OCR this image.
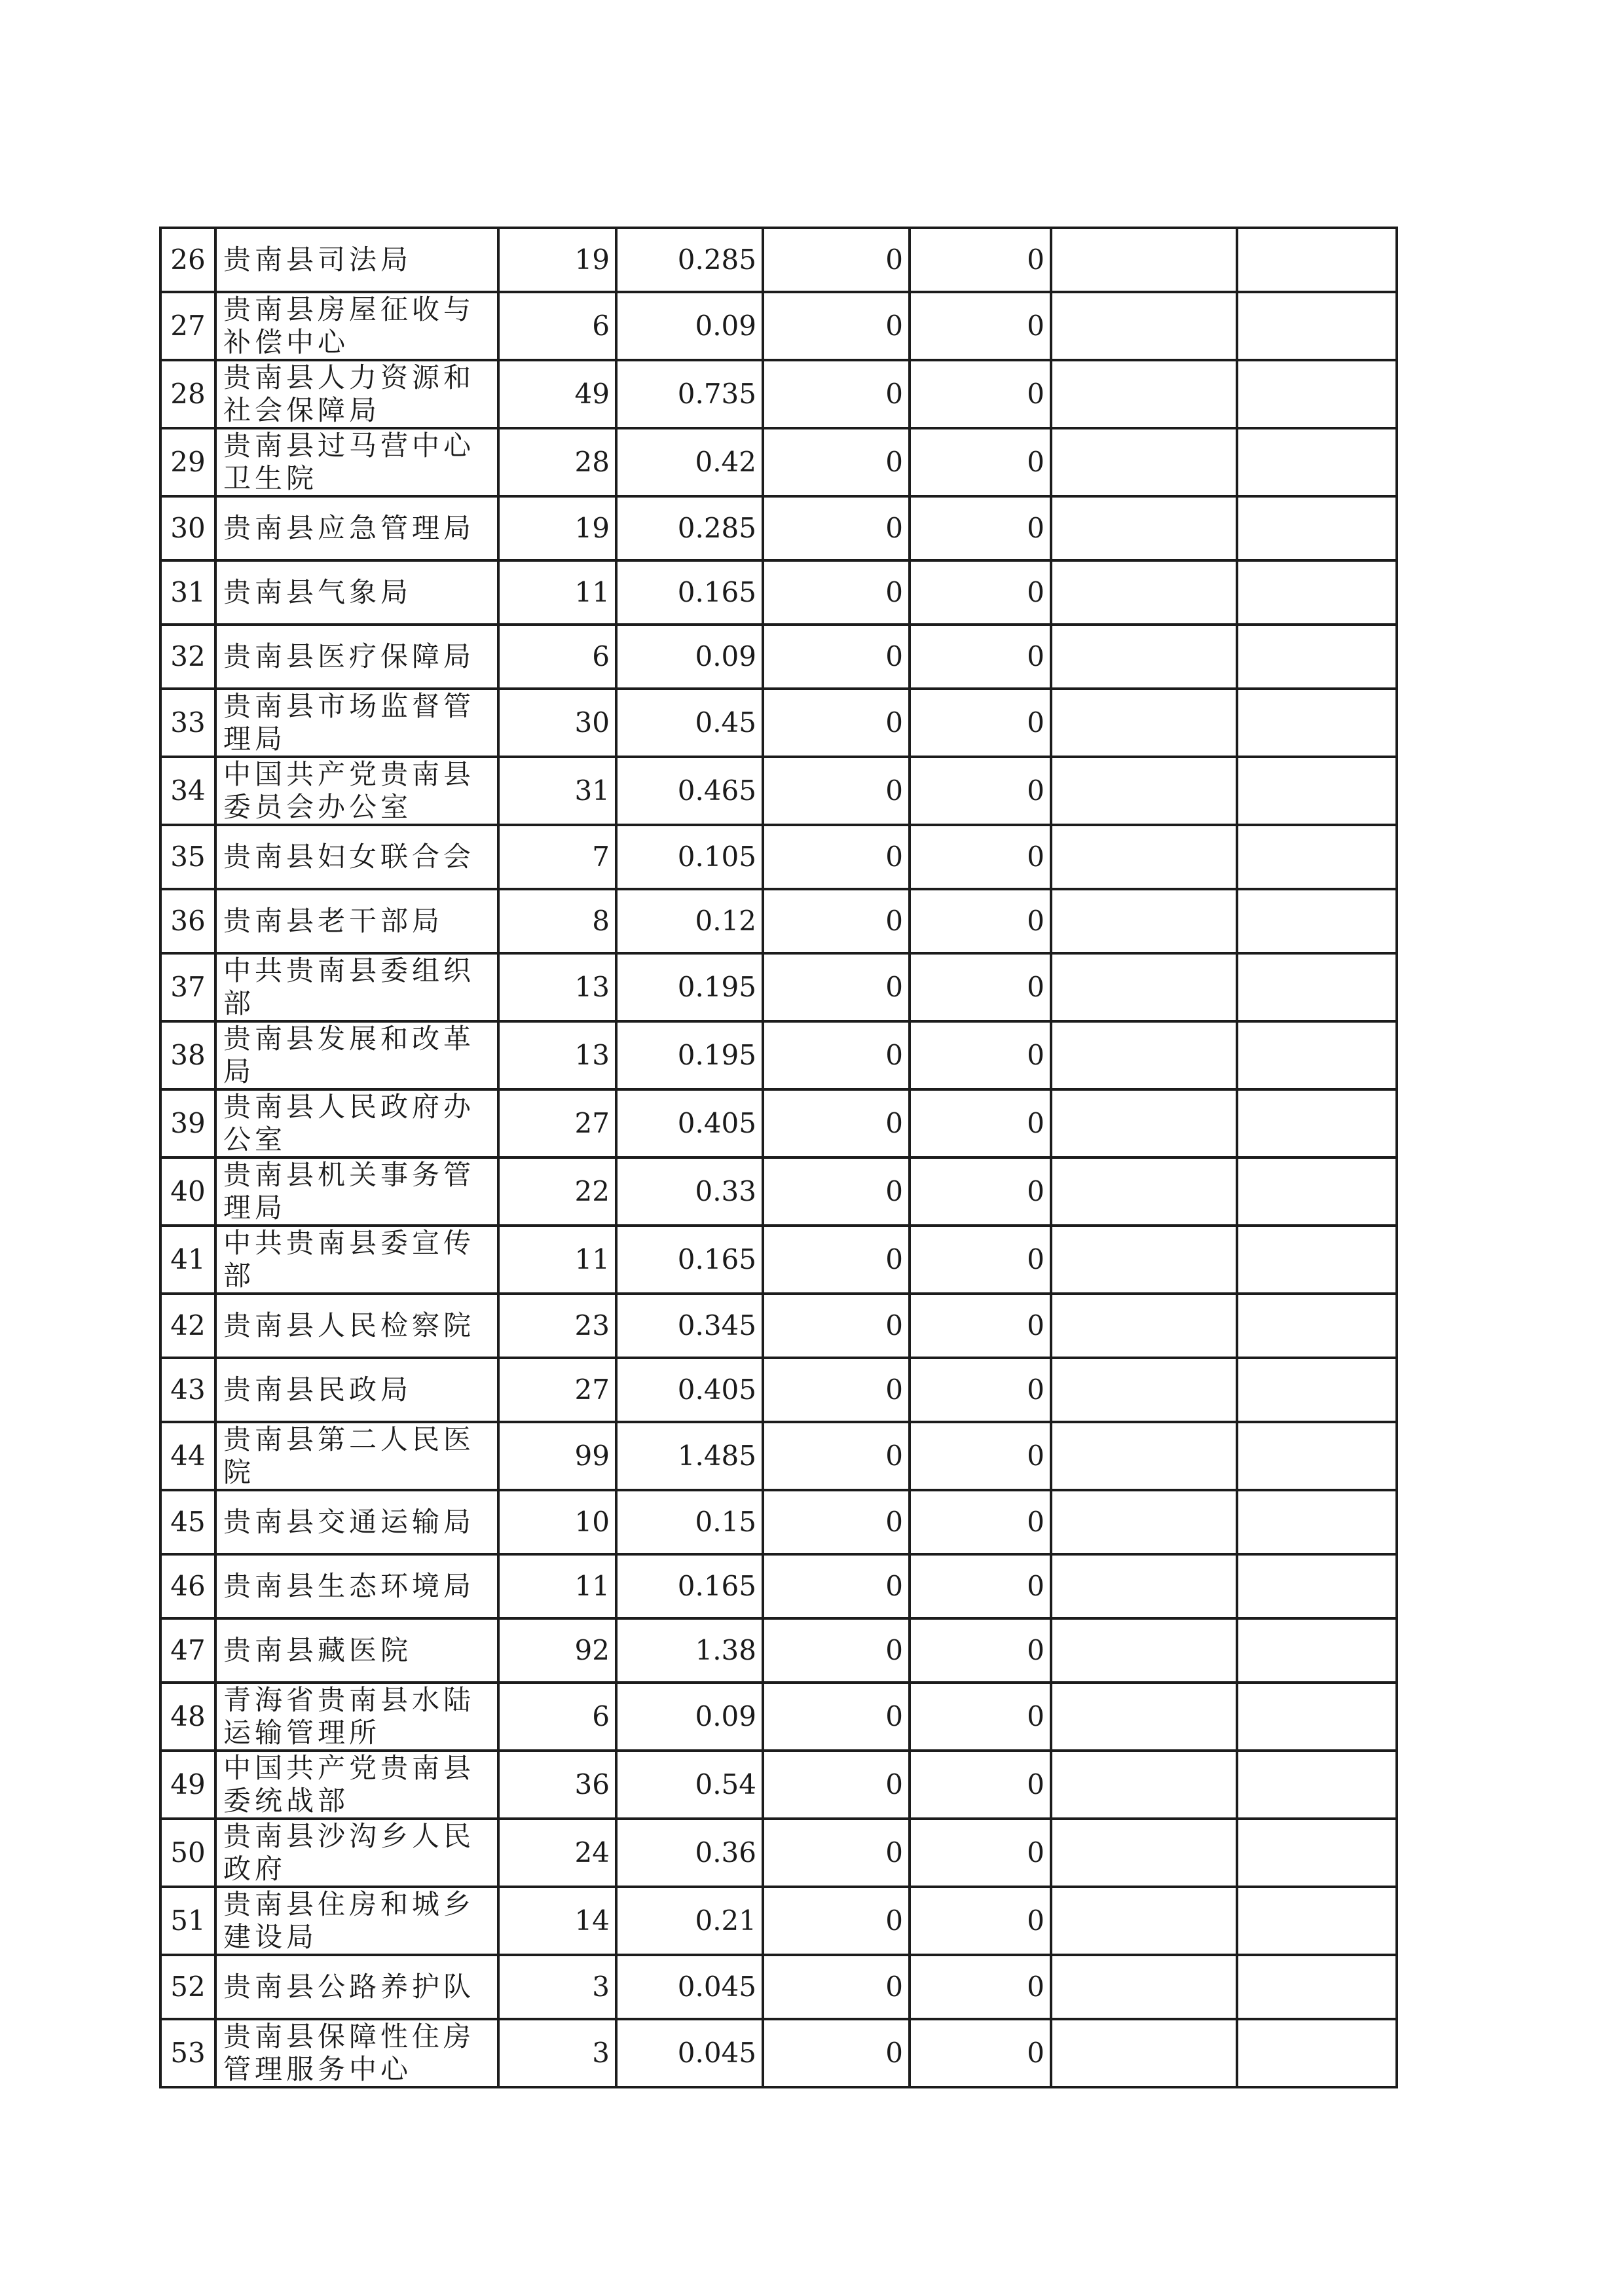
26	贵南县司法局	19	0.285	0	0		
27	贵南县房屋征收与补偿中心	6	0.09	0	0		
28	贵南县人力资源和社会保障局	49	0.735	0	0		
29	贵南县过马营中心卫生院	28	0.42	0	0		
30	贵南县应急管理局	19	0.285	0	0		
31	贵南县气象局	11	0.165	0	0		
32	贵南县医疗保障局	6	0.09	0	0		
33	贵南县市场监督管理局	30	0.45	0	0		
34	中国共产党贵南县委员会办公室	31	0.465	0	0		
35	贵南县妇女联合会	7	0.105	0	0		
36	贵南县老干部局	8	0.12	0	0		
37	中共贵南县委组织部	13	0.195	0	0		
38	贵南县发展和改革局	13	0.195	0	0		
39	贵南县人民政府办公室	27	0.405	0	0		
40	贵南县机关事务管理局	22	0.33	0	0		
41	中共贵南县委宣传部	11	0.165	0	0		
42	贵南县人民检察院	23	0.345	0	0		
43	贵南县民政局	27	0.405	0	0		
44	贵南县第二人民医院	99	1.485	0	0		
45	贵南县交通运输局	10	0.15	0	0		
46	贵南县生态环境局	11	0.165	0	0		
47	贵南县藏医院	92	1.38	0	0		
48	青海省贵南县水陆运输管理所	6	0.09	0	0		
49	中国共产党贵南县委统战部	36	0.54	0	0		
50	贵南县沙沟乡人民政府	24	0.36	0	0		
51	贵南县住房和城乡建设局	14	0.21	0	0		
52	贵南县公路养护队	3	0.045	0	0		
53	贵南县保障性住房管理服务中心	3	0.045	0	0		
